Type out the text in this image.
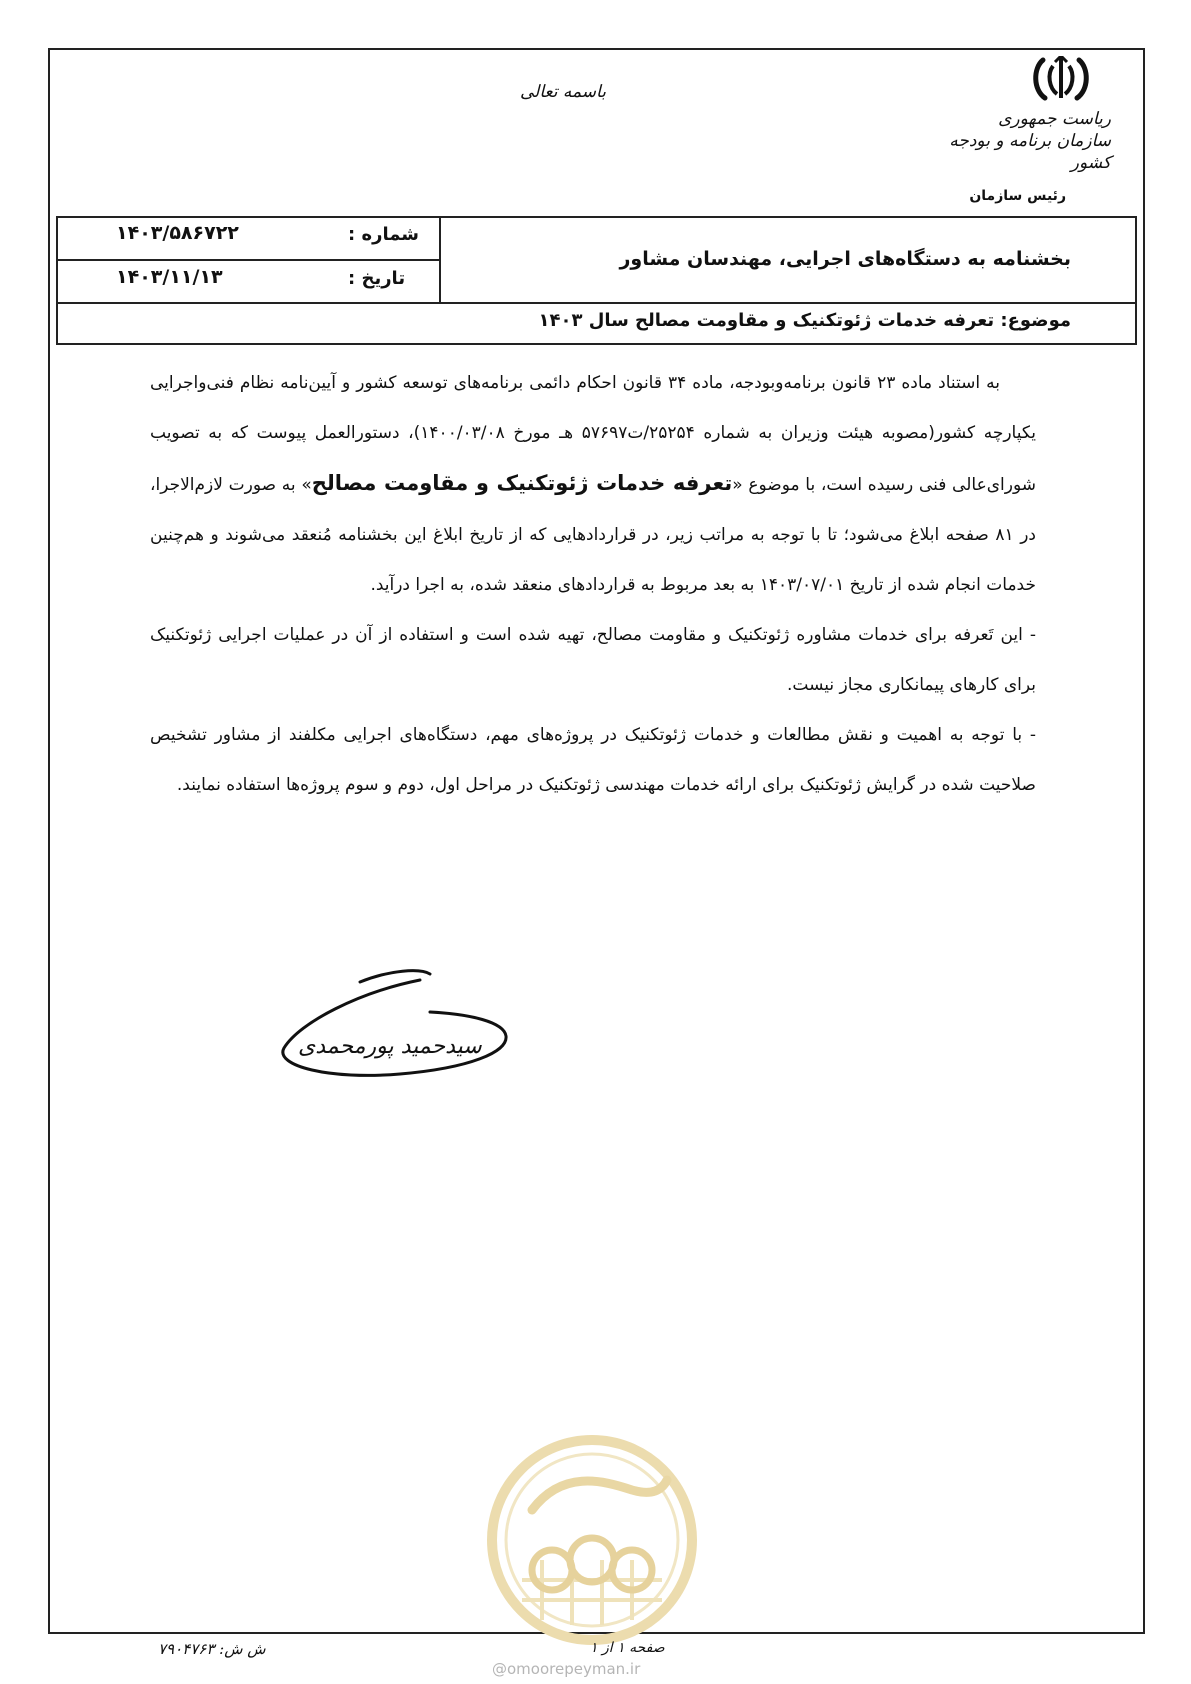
ریاست جمهوری
سازمان برنامه و بودجه کشور
رئیس سازمان
باسمه تعالی
شماره :
۱۴۰۳/۵۸۶۷۲۲
تاریخ :
۱۴۰۳/۱۱/۱۳
بخشنامه به دستگاه‌های اجرایی، مهندسان مشاور
موضوع: تعرفه خدمات ژئوتکنیک و مقاومت مصالح سال ۱۴۰۳

به استناد ماده ۲۳ قانون برنامه‌وبودجه، ماده ۳۴ قانون احکام دائمی برنامه‌های توسعه کشور و آیین‌نامه نظام فنی‌واجرایی یکپارچه کشور(مصوبه هیئت وزیران به شماره ۲۵۲۵۴/ت۵۷۶۹۷ هـ مورخ ۱۴۰۰/۰۳/۰۸)، دستورالعمل پیوست که به تصویب شورای‌عالی فنی رسیده است، با موضوع «تعرفه خدمات ژئوتکنیک و مقاومت مصالح» به صورت لازم‌الاجرا، در ۸۱ صفحه ابلاغ می‌شود؛ تا با توجه به مراتب زیر، در قراردادهایی که از تاریخ ابلاغ این بخشنامه مُنعقد می‌شوند و هم‌چنین خدمات انجام شده از تاریخ ۱۴۰۳/۰۷/۰۱ به بعد مربوط به قراردادهای منعقد شده، به اجرا درآید.

- این تَعرفه برای خدمات مشاوره ژئوتکنیک و مقاومت مصالح، تهیه شده است و استفاده از آن در عملیات اجرایی ژئوتکنیک برای کارهای پیمانکاری مجاز نیست.

- با توجه به اهمیت و نقش مطالعات و خدمات ژئوتکنیک در پروژه‌های مهم، دستگاه‌های اجرایی مکلفند از مشاور تشخیص صلاحیت شده در گرایش ژئوتکنیک برای ارائه خدمات مهندسی ژئوتکنیک در مراحل اول، دوم و سوم پروژه‌ها استفاده نمایند.

سیدحمید پورمحمدی
ش ش: ۷۹۰۴۷۶۳	صفحه ۱ از ۱
@omoorepeyman.ir
